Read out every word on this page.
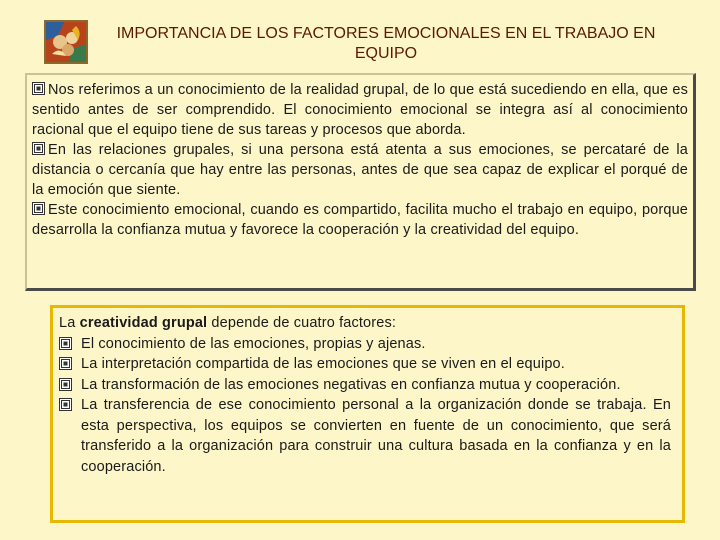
IMPORTANCIA DE LOS FACTORES EMOCIONALES EN EL TRABAJO EN EQUIPO

Nos referimos a un conocimiento de la realidad grupal, de lo que está sucediendo en ella, que es sentido antes de ser comprendido. El conocimiento emocional se integra así al conocimiento racional que el equipo tiene de sus tareas y procesos que aborda.

En las relaciones grupales, si una persona está atenta a sus emociones, se percataré de la distancia o cercanía que hay entre las personas, antes de que sea capaz de explicar el porqué de la emoción que siente.

Este conocimiento emocional, cuando es compartido, facilita mucho el trabajo en equipo, porque desarrolla la confianza mutua y favorece la cooperación y la creatividad del equipo.

La creatividad grupal depende de cuatro factores:

El conocimiento de las emociones, propias y ajenas.
La interpretación compartida de las emociones que se viven en el equipo.
La transformación de las emociones negativas en confianza mutua y cooperación.
La transferencia de ese conocimiento personal a la organización donde se trabaja. En esta perspectiva, los equipos se convierten en fuente de un conocimiento, que será transferido a la organización para construir una cultura basada en la confianza y en la cooperación.
